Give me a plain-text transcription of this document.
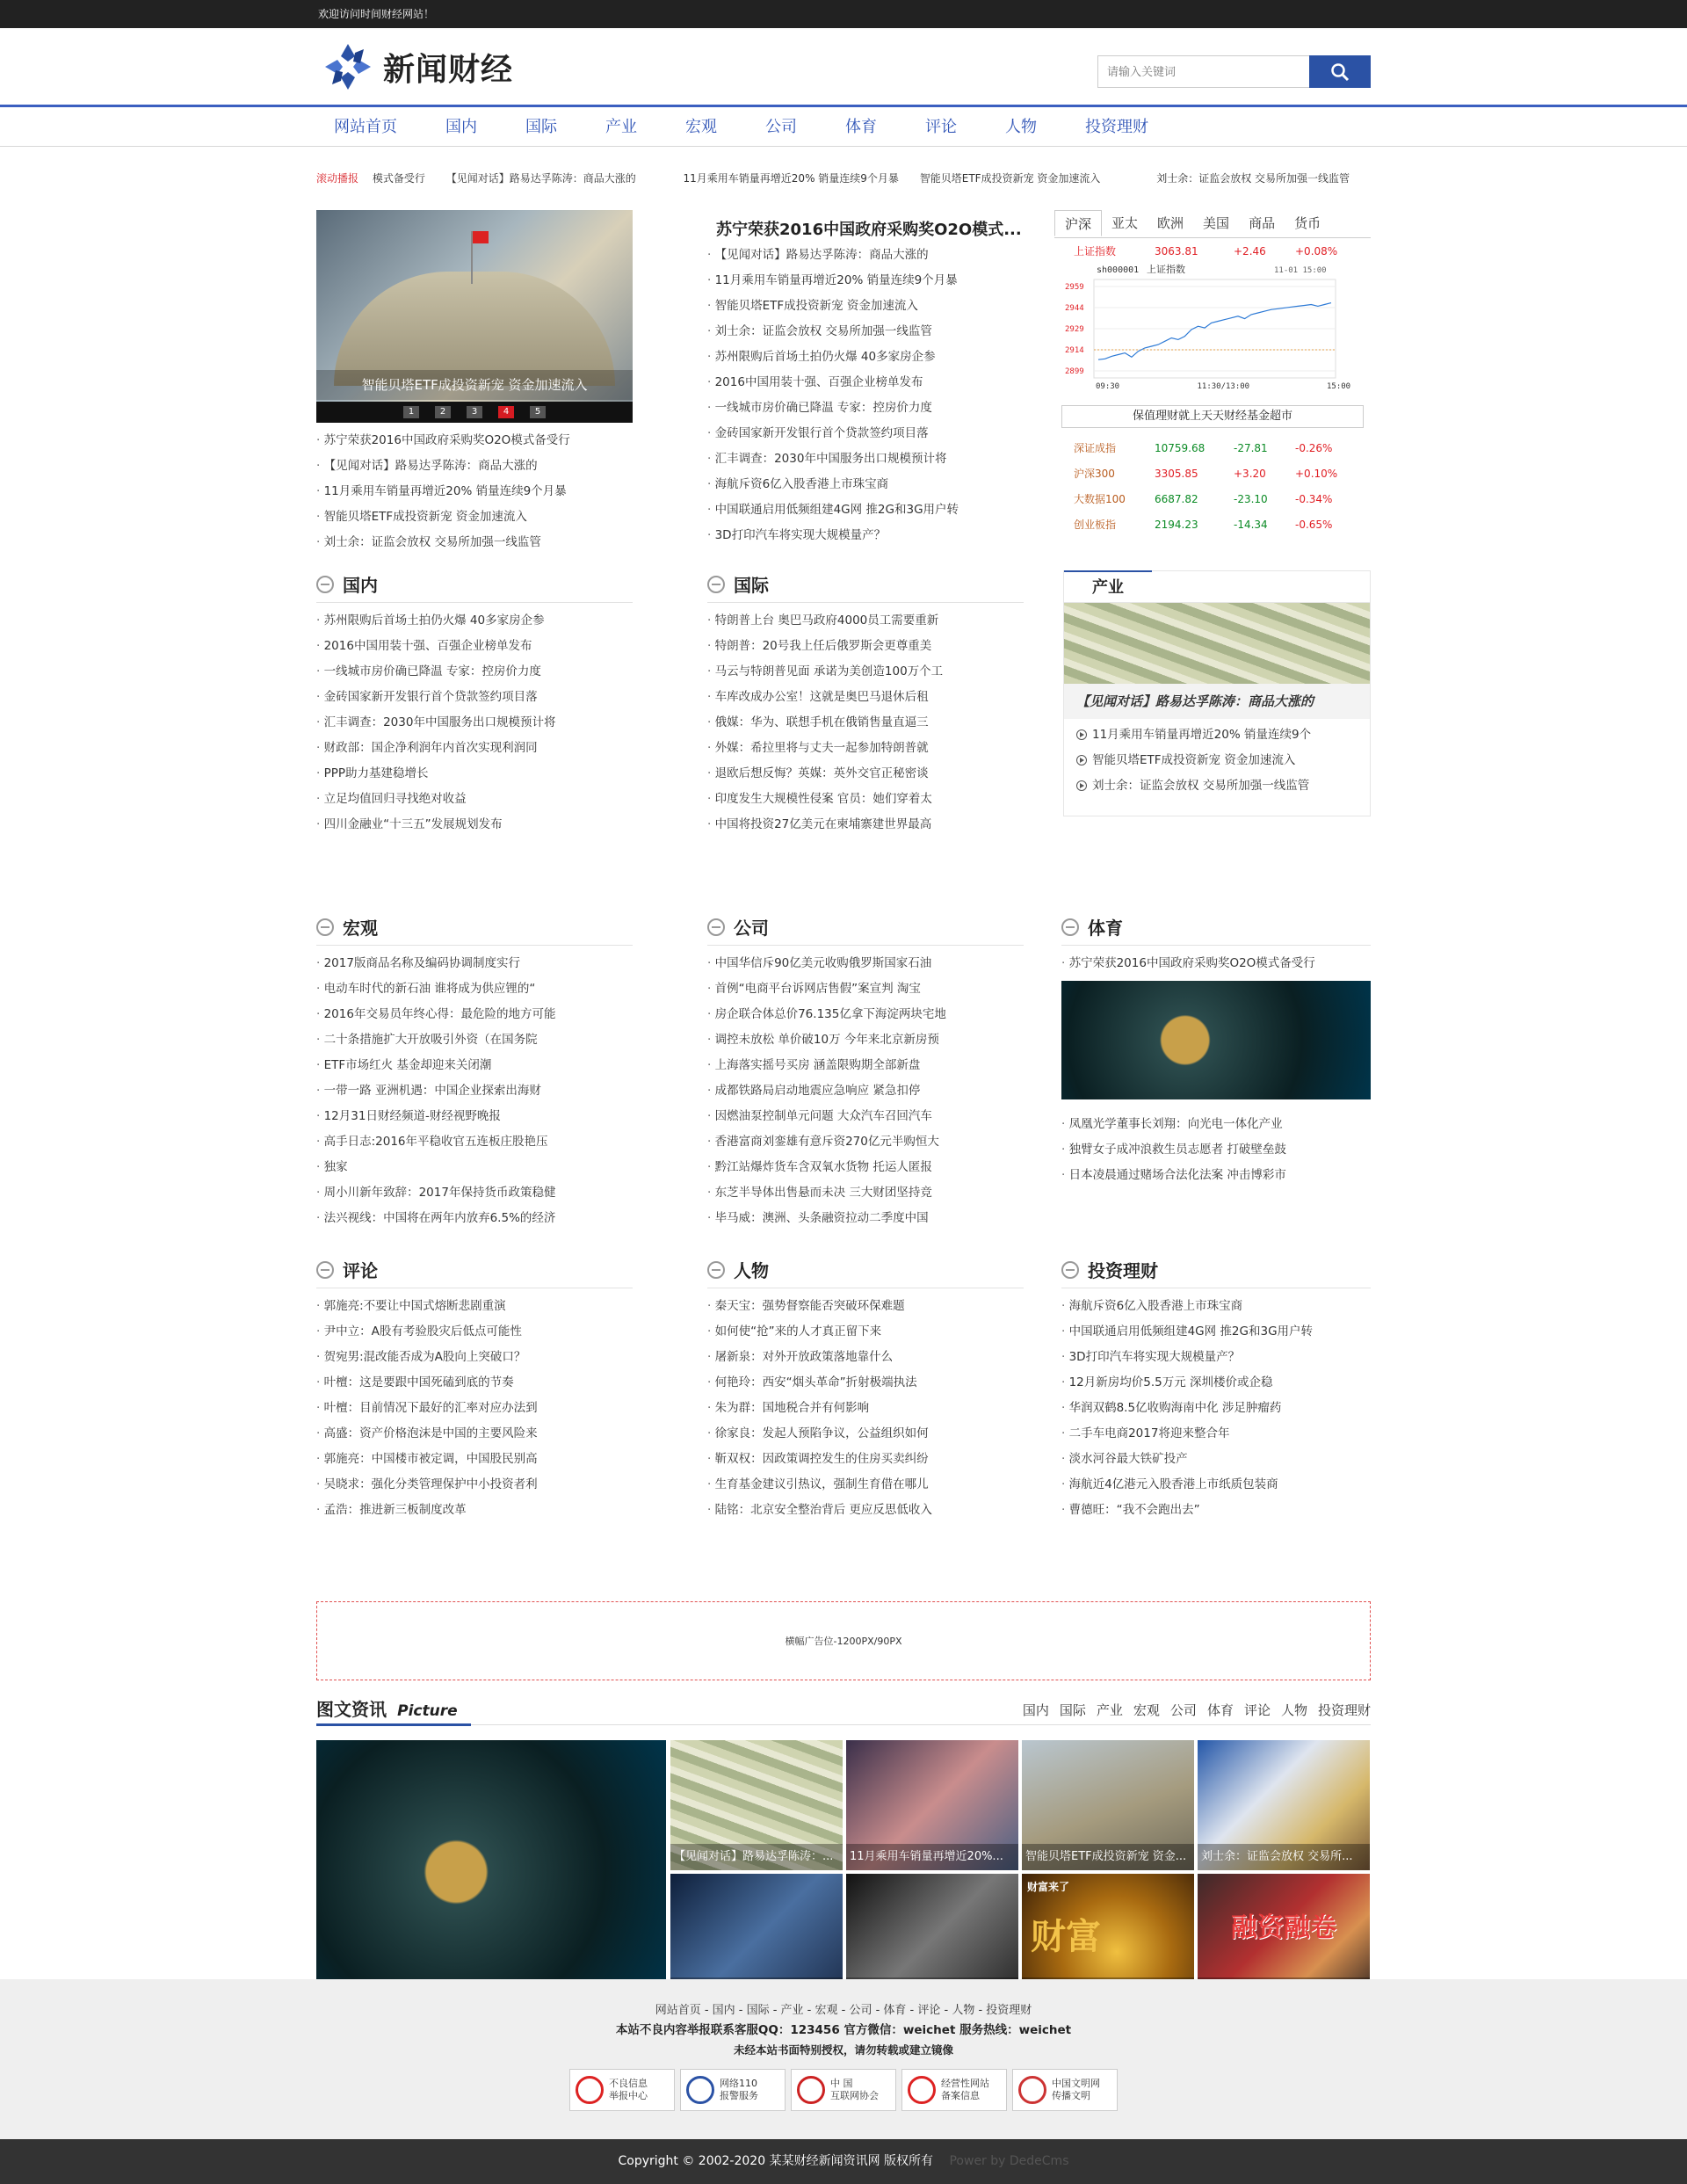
欢迎访问时间财经网站！
新闻财经
请输入关键词
网站首页	国内	国际	产业	宏观	公司	体育	评论	人物	投资理财
滚动播报 模式备受行 【见闻对话】路易达孚陈涛：商品大涨的	11月乘用车销量再增近20% 销量连续9个月暴 智能贝塔ETF成投资新宠 资金加速流入	刘士余：证监会放权 交易所加强一线监管
智能贝塔ETF成投资新宠 资金加速流入
1	2	3	4	5
· 苏宁荣获2016中国政府采购奖O2O模式备受行
· 【见闻对话】路易达孚陈涛：商品大涨的
· 11月乘用车销量再增近20% 销量连续9个月暴
· 智能贝塔ETF成投资新宠 资金加速流入
· 刘士余：证监会放权 交易所加强一线监管
苏宁荣获2016中国政府采购奖O2O模式...
· 【见闻对话】路易达孚陈涛：商品大涨的
· 11月乘用车销量再增近20% 销量连续9个月暴
· 智能贝塔ETF成投资新宠 资金加速流入
· 刘士余：证监会放权 交易所加强一线监管
· 苏州限购后首场土拍仍火爆 40多家房企参
· 2016中国用装十强、百强企业榜单发布
· 一线城市房价确已降温 专家：控房价力度
· 金砖国家新开发银行首个贷款签约项目落
· 汇丰调查：2030年中国服务出口规模预计将
· 海航斥资6亿入股香港上市珠宝商
· 中国联通启用低频组建4G网 推2G和3G用户转
· 3D打印汽车将实现大规模量产？
沪深	亚太	欧洲	美国	商品	货币
上证指数	3063.81	+2.46	+0.08%
sh000001 上证指数	11-01 15:00
2959
2944
2929
2914
2899
09:30	11:30/13:00	15:00
保值理财就上天天财经基金超市
深证成指	10759.68	-27.81	-0.26%
沪深300	3305.85	+3.20	+0.10%
大数据100	6687.82	-23.10	-0.34%
创业板指	2194.23	-14.34	-0.65%
国内
· 苏州限购后首场土拍仍火爆 40多家房企参
· 2016中国用装十强、百强企业榜单发布
· 一线城市房价确已降温 专家：控房价力度
· 金砖国家新开发银行首个贷款签约项目落
· 汇丰调查：2030年中国服务出口规模预计将
· 财政部：国企净利润年内首次实现利润同
· PPP助力基建稳增长
· 立足均值回归寻找绝对收益
· 四川金融业“十三五”发展规划发布
国际
· 特朗普上台 奥巴马政府4000员工需要重新
· 特朗普：20号我上任后俄罗斯会更尊重美
· 马云与特朗普见面 承诺为美创造100万个工
· 车库改成办公室！这就是奥巴马退休后租
· 俄媒：华为、联想手机在俄销售量直逼三
· 外媒：希拉里将与丈夫一起参加特朗普就
· 退欧后想反悔？英媒：英外交官正秘密谈
· 印度发生大规模性侵案 官员：她们穿着太
· 中国将投资27亿美元在柬埔寨建世界最高
产业
【见闻对话】路易达孚陈涛：商品大涨的
11月乘用车销量再增近20% 销量连续9个
智能贝塔ETF成投资新宠 资金加速流入
刘士余：证监会放权 交易所加强一线监管
宏观
· 2017版商品名称及编码协调制度实行
· 电动车时代的新石油 谁将成为供应锂的“
· 2016年交易员年终心得：最危险的地方可能
· 二十条措施扩大开放吸引外资（在国务院
· ETF市场红火 基金却迎来关闭潮
· 一带一路 亚洲机遇：中国企业探索出海财
· 12月31日财经频道-财经视野晚报
· 高手日志:2016年平稳收官五连板庄股艳压
· 独家
· 周小川新年致辞：2017年保持货币政策稳健
· 法兴视线：中国将在两年内放弃6.5%的经济
公司
· 中国华信斥90亿美元收购俄罗斯国家石油
· 首例“电商平台诉网店售假”案宣判 淘宝
· 房企联合体总价76.135亿拿下海淀两块宅地
· 调控未放松 单价破10万 今年来北京新房预
· 上海落实摇号买房 涵盖限购期全部新盘
· 成都铁路局启动地震应急响应 紧急扣停
· 因燃油泵控制单元问题 大众汽车召回汽车
· 香港富商刘銮雄有意斥资270亿元半购恒大
· 黔江站爆炸货车含双氧水货物 托运人匿报
· 东芝半导体出售悬而未决 三大财团坚持竞
· 毕马威：澳洲、头条融资拉动二季度中国
体育
· 苏宁荣获2016中国政府采购奖O2O模式备受行
· 凤凰光学董事长刘翔：向光电一体化产业
· 独臂女子成冲浪救生员志愿者 打破壁垒鼓
· 日本凌晨通过赌场合法化法案 冲击博彩市
评论
· 郭施亮:不要让中国式熔断悲剧重演
· 尹中立：A股有考验股灾后低点可能性
· 贺宛男:混改能否成为A股向上突破口？
· 叶檀：这是要跟中国死磕到底的节奏
· 叶檀：目前情况下最好的汇率对应办法到
· 高盛：资产价格泡沫是中国的主要风险来
· 郭施亮：中国楼市被定调，中国股民别高
· 吴晓求：强化分类管理保护中小投资者利
· 孟浩：推进新三板制度改革
人物
· 秦天宝：强势督察能否突破环保难题
· 如何使“抢”来的人才真正留下来
· 屠新泉：对外开放政策落地靠什么
· 何艳玲：西安“烟头革命”折射极端执法
· 朱为群：国地税合并有何影响
· 徐家良：发起人预陷争议，公益组织如何
· 靳双权：因政策调控发生的住房买卖纠纷
· 生育基金建议引热议，强制生育借在哪儿
· 陆铭：北京安全整治背后 更应反思低收入
投资理财
· 海航斥资6亿入股香港上市珠宝商
· 中国联通启用低频组建4G网 推2G和3G用户转
· 3D打印汽车将实现大规模量产？
· 12月新房均价5.5万元 深圳楼价或企稳
· 华润双鹤8.5亿收购海南中化 涉足肿瘤药
· 二手车电商2017将迎来整合年
· 淡水河谷最大铁矿投产
· 海航近4亿港元入股香港上市纸质包装商
· 曹德旺：“我不会跑出去”
横幅广告位-1200PX/90PX
图文资讯 Picture	国内 国际 产业 宏观 公司 体育 评论 人物 投资理财
【见闻对话】路易达孚陈涛：...	11月乘用车销量再增近20%...	智能贝塔ETF成投资新宠 资金...	刘士余：证监会放权 交易所...
财富来了
财富	融资融卷
网站首页 - 国内 - 国际 - 产业 - 宏观 - 公司 - 体育 - 评论 - 人物 - 投资理财
本站不良内容举报联系客服QQ：123456 官方微信：weichet 服务热线：weichet
未经本站书面特别授权，请勿转载或建立镜像
不良信息
举报中心
网络110
报警服务
中 国
互联网协会
经营性网站
备案信息
中国文明网
传播文明
Copyright © 2002-2020 某某财经新闻资讯网 版权所有 Power by DedeCms
